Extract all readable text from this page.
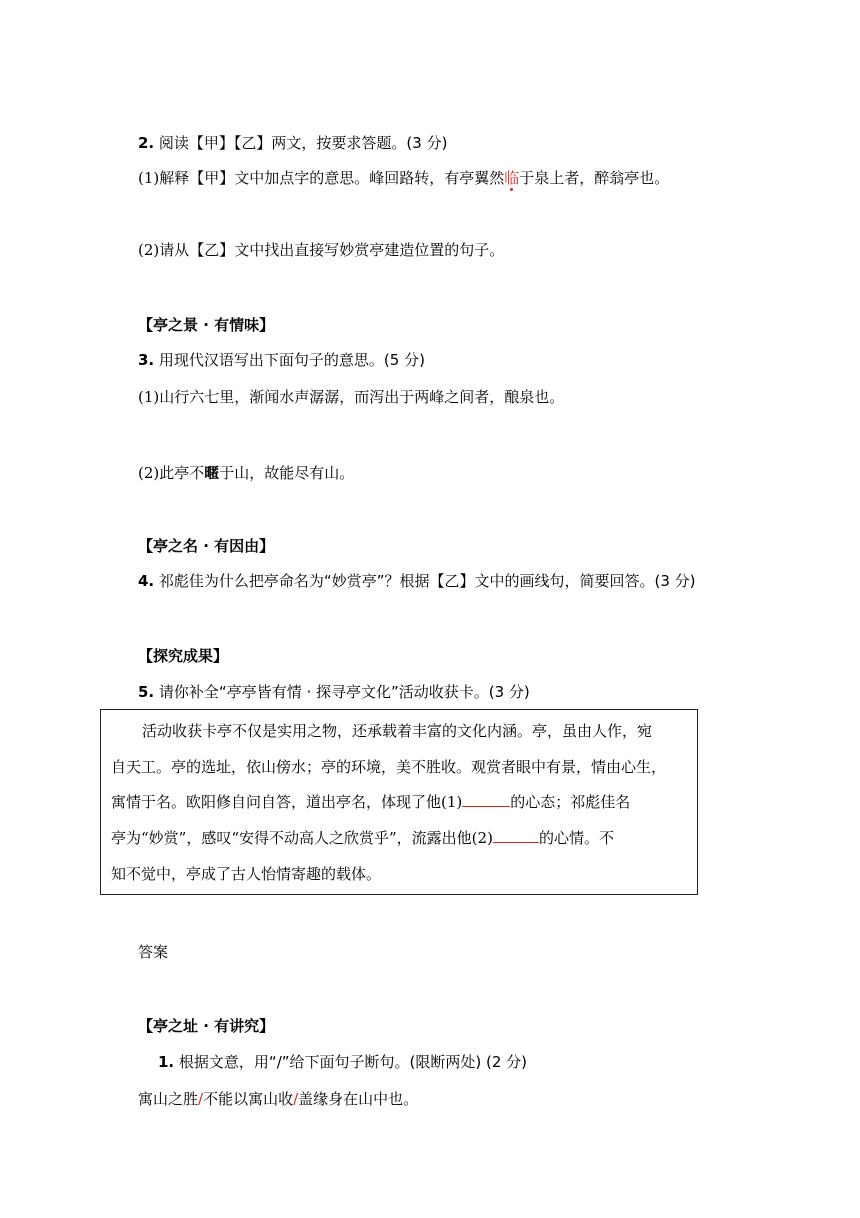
2. 阅读【甲】【乙】两文，按要求答题。(3 分)
(1)解释【甲】文中加点字的意思。峰回路转，有亭翼然临于泉上者，醉翁亭也。
(2)请从【乙】文中找出直接写妙赏亭建造位置的句子。
【亭之景 · 有情味】
3. 用现代汉语写出下面句子的意思。(5 分)
(1)山行六七里，渐闻水声潺潺，而泻出于两峰之间者，酿泉也。
(2)此亭不暱于山，故能尽有山。
【亭之名 · 有因由】
4. 祁彪佳为什么把亭命名为“妙赏亭”？根据【乙】文中的画线句，简要回答。(3 分)
【探究成果】
5. 请你补全“亭亭皆有情 · 探寻亭文化”活动收获卡。(3 分)
活动收获卡亭不仅是实用之物，还承载着丰富的文化内涵。亭，虽由人作，宛
自天工。亭的选址，依山傍水；亭的环境，美不胜收。观赏者眼中有景，情由心生，
寓情于名。欧阳修自问自答，道出亭名，体现了他(1)	的心态；祁彪佳名
亭为“妙赏”，感叹“安得不动高人之欣赏乎”，流露出他(2)	的心情。不
知不觉中，亭成了古人怡情寄趣的载体。
答案
【亭之址 · 有讲究】
1. 根据文意，用“/”给下面句子断句。(限断两处) (2 分)
寓山之胜/不能以寓山收/盖缘身在山中也。
